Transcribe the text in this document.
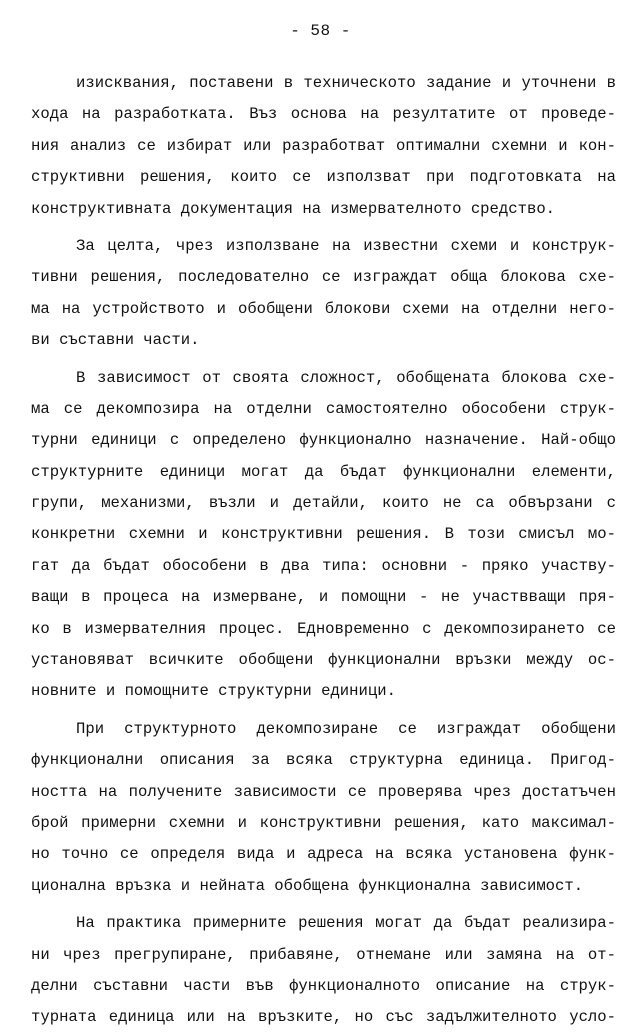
- 58 -
изисквания, поставени в техническото задание и уточнени в
хода на разработката. Въз основа на резултатите от проведе-
ния анализ се избират или разработват оптимални схемни и кон-
структивни решения, които се използват при подготовката на
конструктивната документация на измервателното средство.
За целта, чрез използване на известни схеми и конструк-
тивни решения, последователно се изграждат обща блокова схе-
ма на устройството и обобщени блокови схеми на отделни него-
ви съставни части.
В зависимост от своята сложност, обобщената блокова схе-
ма се декомпозира на отделни самостоятелно обособени струк-
турни единици с определено функционално назначение. Най-общо
структурните единици могат да бъдат функционални елементи,
групи, механизми, възли и детайли, които не са обвързани с
конкретни схемни и конструктивни решения. В този смисъл мо-
гат да бъдат обособени в два типа: основни - пряко участву-
ващи в процеса на измерване, и помощни - не участвващи пря-
ко в измервателния процес. Едновременно с декомпозирането се
установяват всичките обобщени функционални връзки между ос-
новните и помощните структурни единици.
При структурното декомпозиране се изграждат обобщени
функционални описания за всяка структурна единица. Пригод-
ността на получените зависимости се проверява чрез достатъчен
брой примерни схемни и конструктивни решения, като максимал-
но точно се определя вида и адреса на всяка установена функ-
ционална връзка и нейната обобщена функционална зависимост.
На практика примерните решения могат да бъдат реализира-
ни чрез прегрупиране, прибавяне, отнемане или замяна на от-
делни съставни части във функционалното описание на струк-
турната единица или на връзките, но със задължителното усло-
